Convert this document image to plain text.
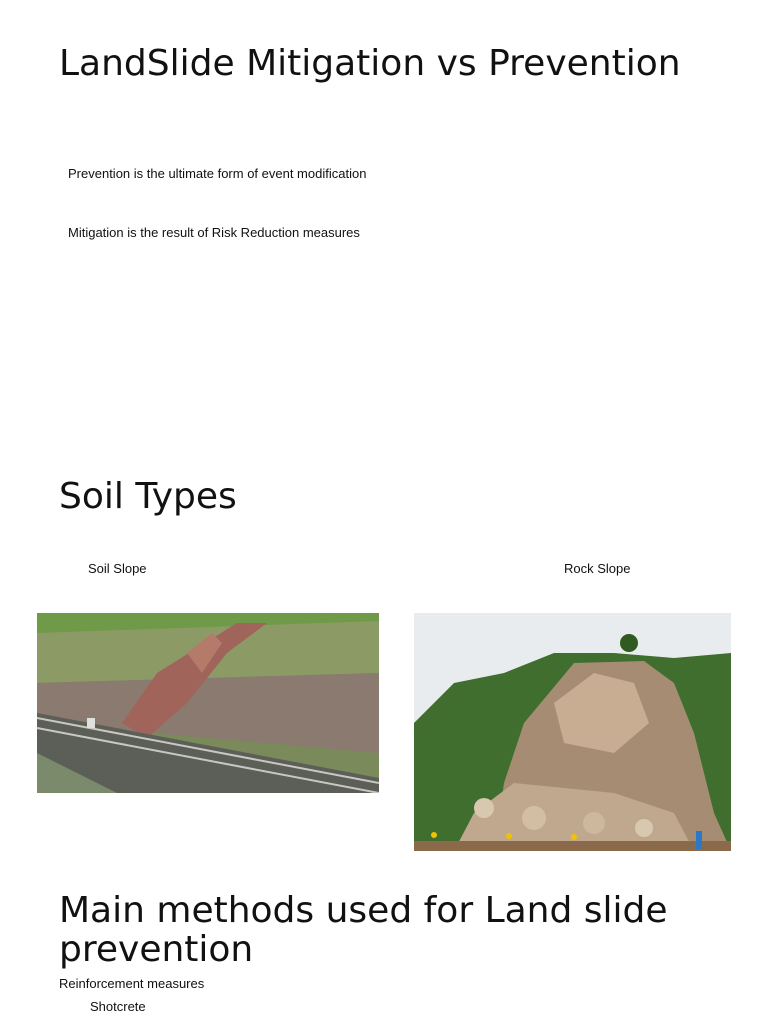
LandSlide Mitigation vs Prevention

Prevention is the ultimate form of event modification

Mitigation is the result of Risk Reduction measures

Soil Types

Soil Slope	Rock Slope

Main methods used for Land slide prevention

Reinforcement measures

Shotcrete
